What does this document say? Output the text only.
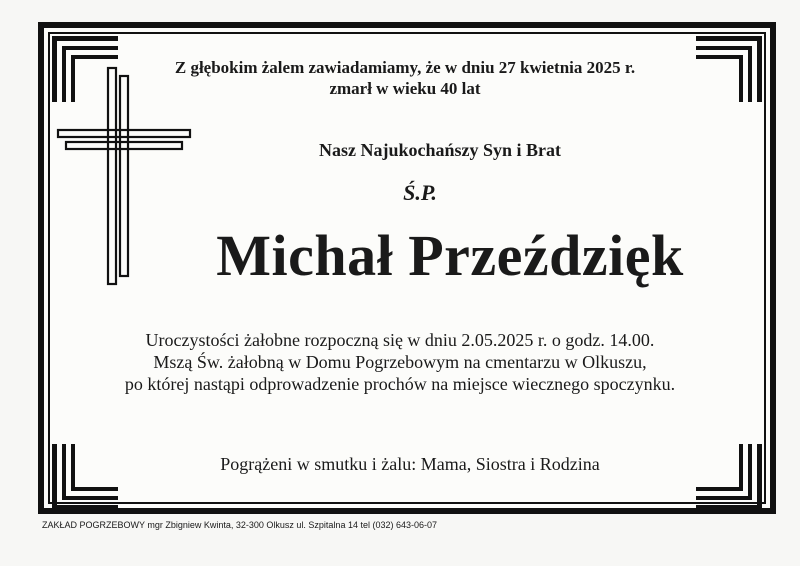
Z głębokim żalem zawiadamiamy, że w dniu 27 kwietnia 2025 r.
zmarł w wieku 40 lat
Nasz Najukochańszy Syn i Brat
Ś.P.
Michał Przeździęk
Uroczystości żałobne rozpoczną się w dniu 2.05.2025 r. o godz. 14.00.
Mszą Św. żałobną w Domu Pogrzebowym na cmentarzu w Olkuszu,
po której nastąpi odprowadzenie prochów na miejsce wiecznego spoczynku.
Pogrążeni w smutku i żalu: Mama, Siostra i Rodzina
ZAKŁAD POGRZEBOWY mgr Zbigniew Kwinta, 32-300 Olkusz ul. Szpitalna 14 tel (032) 643-06-07
